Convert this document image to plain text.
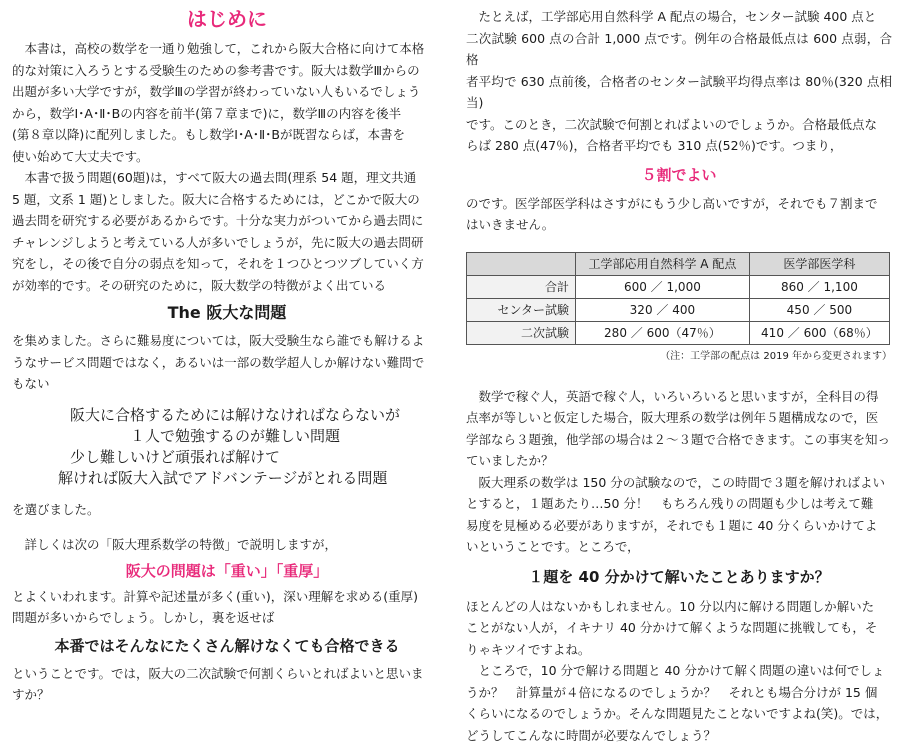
はじめに

本書は，高校の数学を一通り勉強して，これから阪大合格に向けて本格

的な対策に入ろうとする受験生のための参考書です。阪大は数学Ⅲからの

出題が多い大学ですが，数学Ⅲの学習が終わっていない人もいるでしょう

から，数学Ⅰ･A･Ⅱ･Bの内容を前半(第７章まで)に，数学Ⅲの内容を後半

(第８章以降)に配列しました。もし数学Ⅰ･A･Ⅱ･Bが既習ならば，本書を

使い始めて大丈夫です。

本書で扱う問題(60題)は，すべて阪大の過去問(理系 54 題，理文共通

5 題，文系 1 題)としました。阪大に合格するためには，どこかで阪大の

過去問を研究する必要があるからです。十分な実力がついてから過去問に

チャレンジしようと考えている人が多いでしょうが，先に阪大の過去問研

究をし，その後で自分の弱点を知って，それを１つひとつツブしていく方

が効率的です。その研究のために，阪大数学の特徴がよく出ている

The 阪大な問題

を集めました。さらに難易度については，阪大受験生なら誰でも解けるよ

うなサービス問題ではなく，あるいは一部の数学超人しか解けない難問で

もない

阪大に合格するためには解けなければならないが
１人で勉強するのが難しい問題
少し難しいけど頑張れば解けて
解ければ阪大入試でアドバンテージがとれる問題

を選びました。

詳しくは次の「阪大理系数学の特徴」で説明しますが，

阪大の問題は「重い」「重厚」

とよくいわれます。計算や記述量が多く(重い)，深い理解を求める(重厚)

問題が多いからでしょう。しかし，裏を返せば

本番ではそんなにたくさん解けなくても合格できる

ということです。では，阪大の二次試験で何割くらいとればよいと思いま

すか？

たとえば，工学部応用自然科学 A 配点の場合，センター試験 400 点と

二次試験 600 点の合計 1,000 点です。例年の合格最低点は 600 点弱，合格

者平均で 630 点前後，合格者のセンター試験平均得点率は 80％(320 点相当)

です。このとき，二次試験で何割とればよいのでしょうか。合格最低点な

らば 280 点(47％)，合格者平均でも 310 点(52％)です。つまり，

５割でよい

のです。医学部医学科はさすがにもう少し高いですが，それでも７割まで

はいきません。

	工学部応用自然科学 A 配点	医学部医学科
合計	600 ／ 1,000	860 ／ 1,100
センター試験	320 ／ 400	450 ／ 500
二次試験	280 ／ 600（47％）	410 ／ 600（68％）

（注：工学部の配点は 2019 年から変更されます）

数学で稼ぐ人，英語で稼ぐ人，いろいろいると思いますが，全科目の得

点率が等しいと仮定した場合，阪大理系の数学は例年５題構成なので，医

学部なら３題強，他学部の場合は２～３題で合格できます。この事実を知っ

ていましたか？

阪大理系の数学は 150 分の試験なので，この時間で３題を解ければよい

とすると，１題あたり…50 分！　もちろん残りの問題も少しは考えて難

易度を見極める必要がありますが，それでも１題に 40 分くらいかけてよ

いということです。ところで，

１題を 40 分かけて解いたことありますか？

ほとんどの人はないかもしれません。10 分以内に解ける問題しか解いた

ことがない人が，イキナリ 40 分かけて解くような問題に挑戦しても，そ

りゃキツイですよね。

ところで，10 分で解ける問題と 40 分かけて解く問題の違いは何でしょ

うか？　計算量が４倍になるのでしょうか？　それとも場合分けが 15 個

くらいになるのでしょうか。そんな問題見たことないですよね(笑)。では，

どうしてこんなに時間が必要なんでしょう？
